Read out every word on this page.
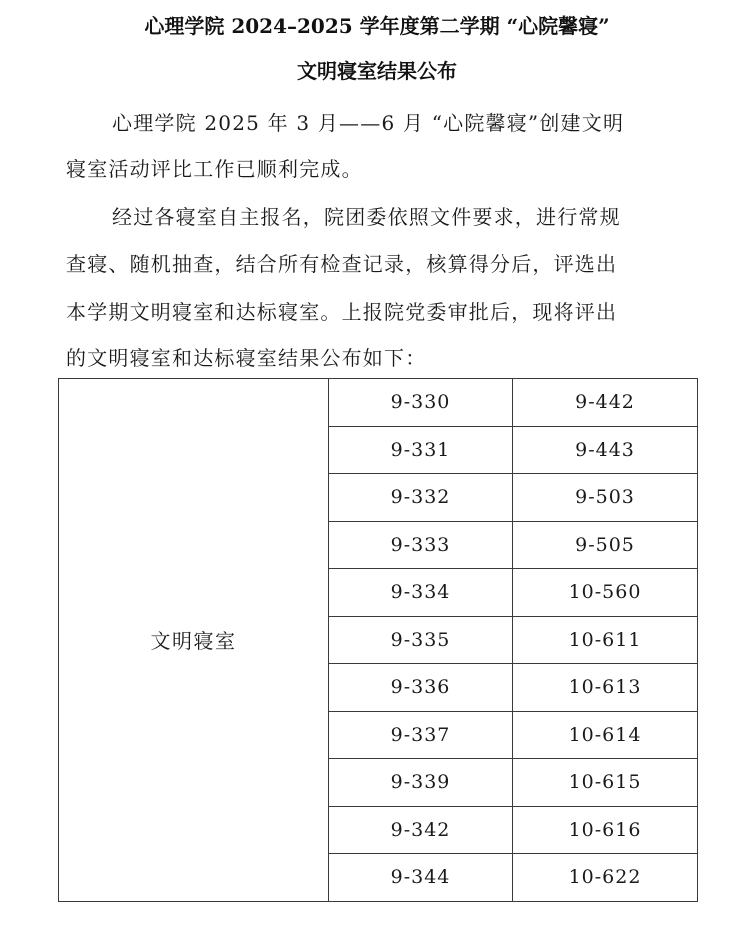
心理学院 2024–2025 学年度第二学期 “心院馨寝”
文明寝室结果公布
心理学院 2025 年 3 月——6 月 “心院馨寝”创建文明
寝室活动评比工作已顺利完成。
经过各寝室自主报名，院团委依照文件要求，进行常规
查寝、随机抽查，结合所有检查记录，核算得分后，评选出
本学期文明寝室和达标寝室。上报院党委审批后，现将评出
的文明寝室和达标寝室结果公布如下：
文明寝室	9-330	9-442
	9-331	9-443
	9-332	9-503
	9-333	9-505
	9-334	10-560
	9-335	10-611
	9-336	10-613
	9-337	10-614
	9-339	10-615
	9-342	10-616
	9-344	10-622
